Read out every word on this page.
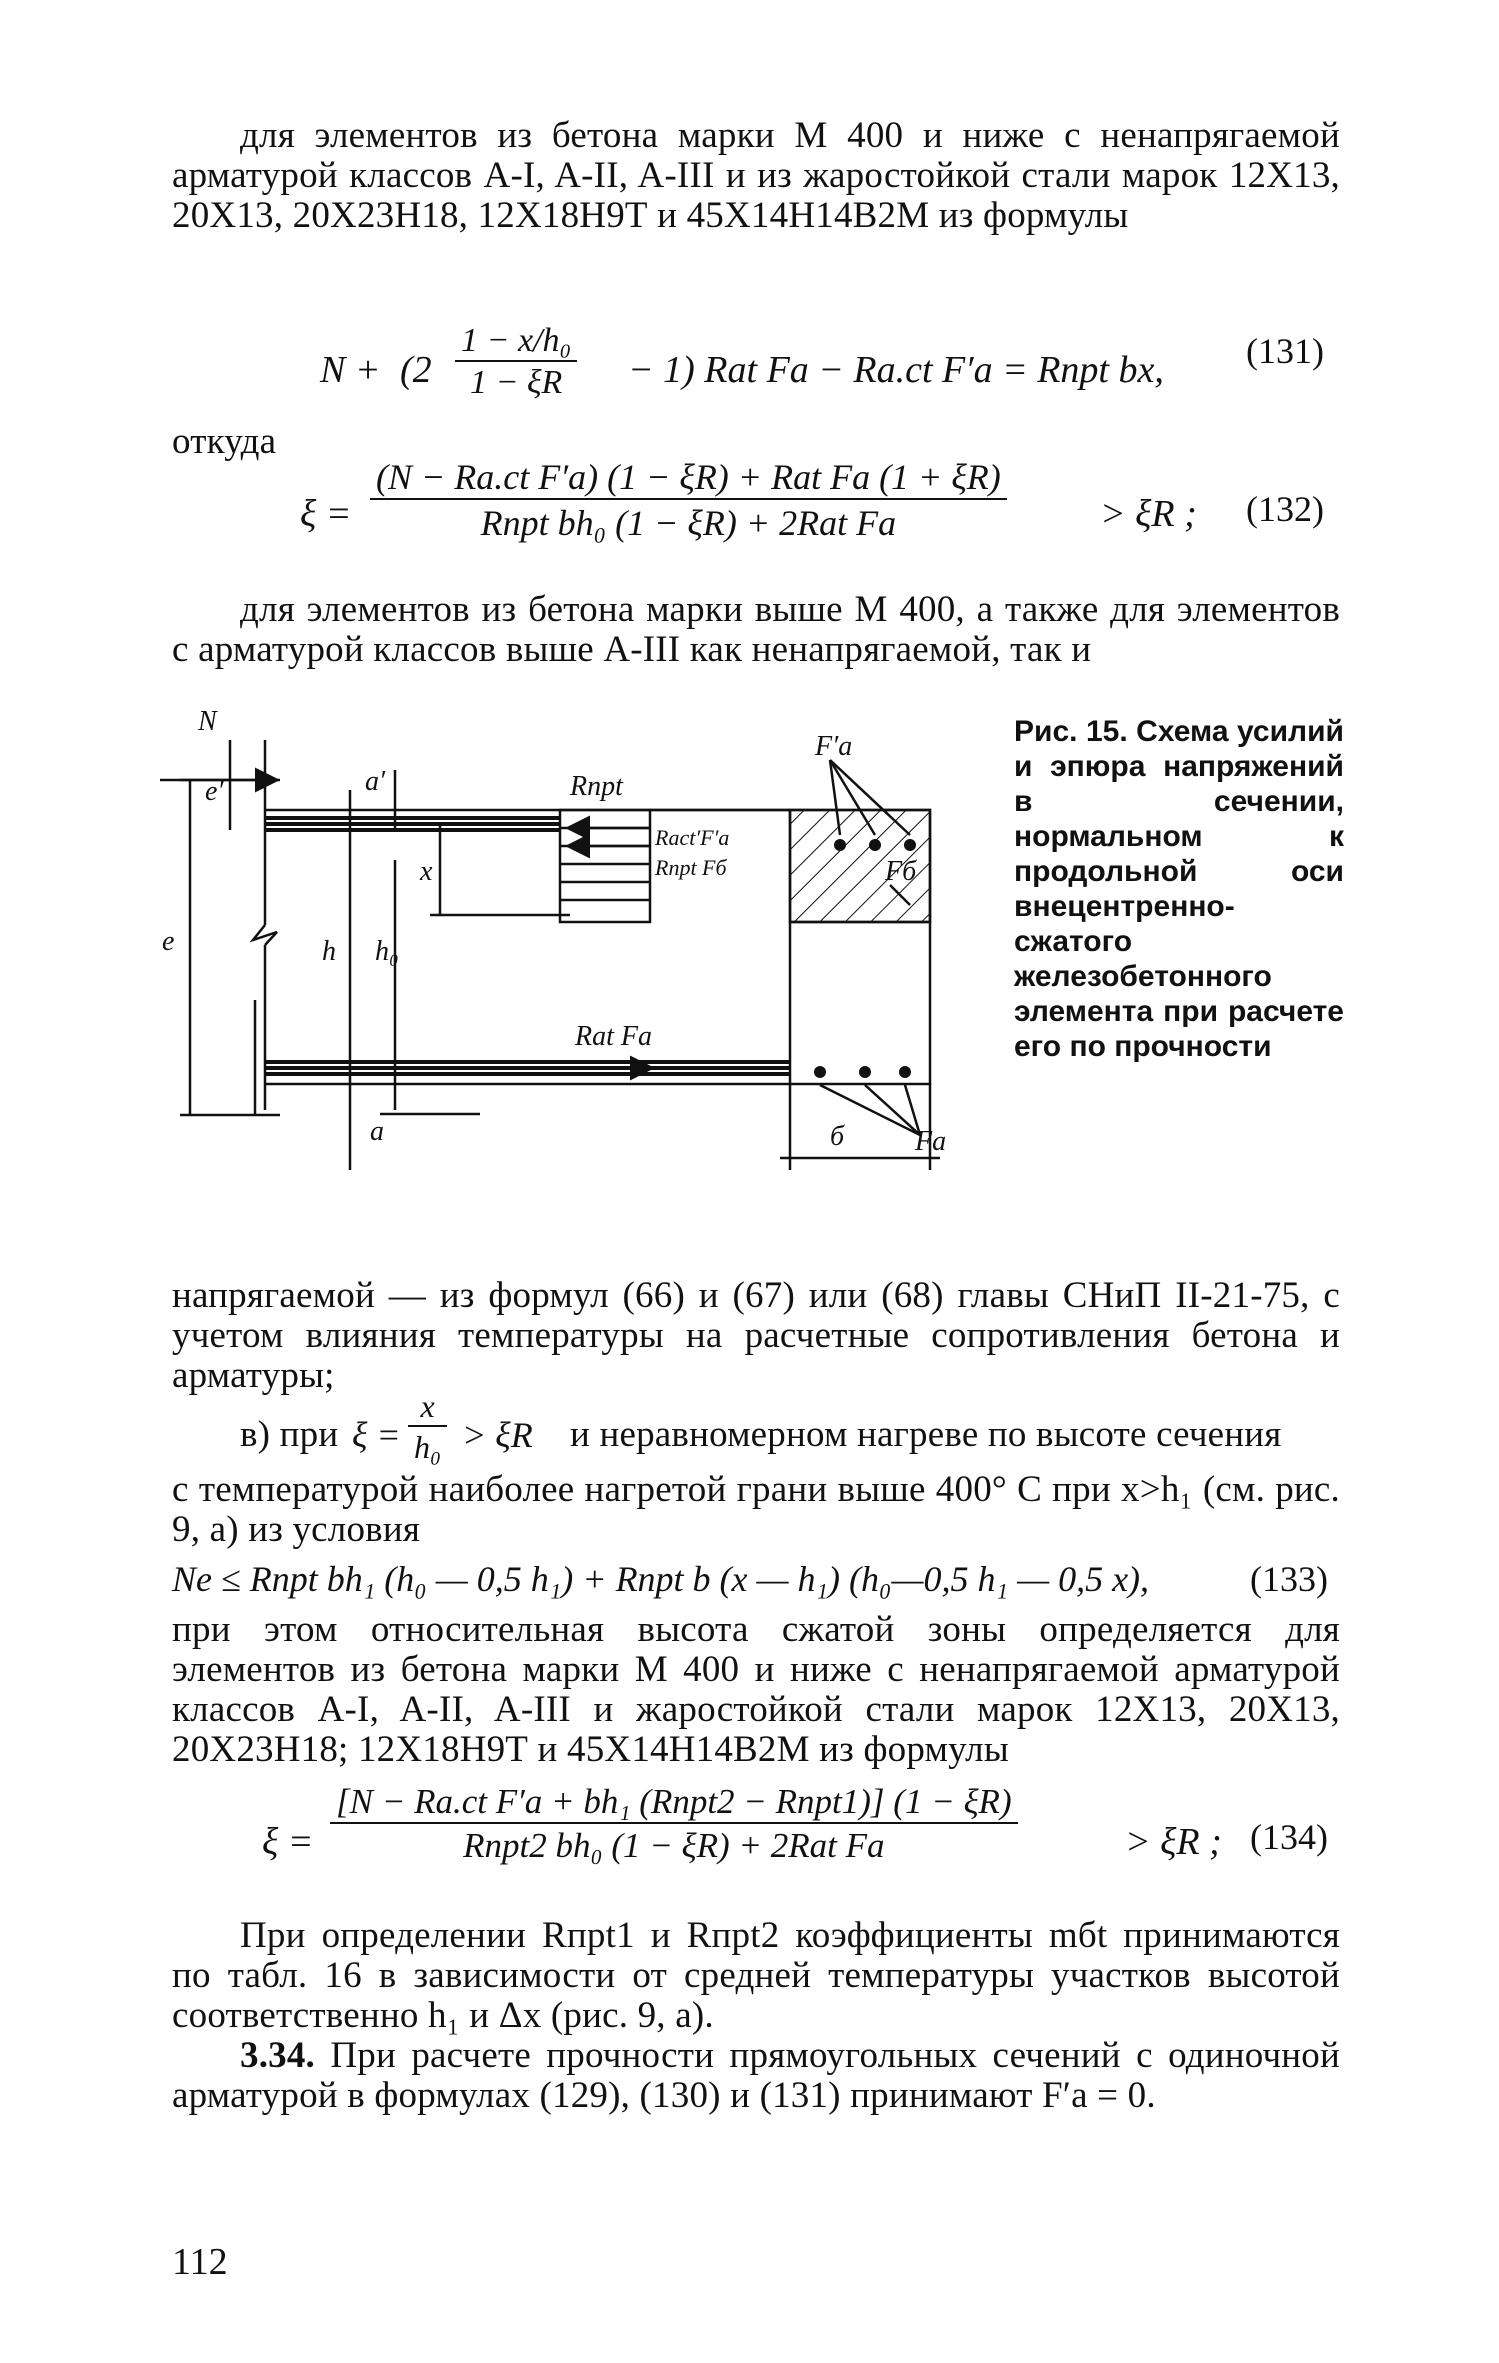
для элементов из бетона марки М 400 и ниже с ненапрягаемой арматурой классов A-I, A-II, A-III и из жаростойкой стали марок 12Х13, 20Х13, 20Х23Н18, 12Х18Н9Т и 45Х14Н14В2М из формулы
$N + (2 \frac{\text{1 − x/h₀}}{1 - \xi R} - 1)$ Rat Fа − Rа.ct F′а = Rпрt bx, (131)
откуда
ξ =
(N − Rа.ct F′а) (1 − ξR) + Rat Fа (1 + ξR)
Rпрt bh₀ (1 − ξR) + 2Rat Fа	> ξR ; (132)
для элементов из бетона марки выше М 400, а также для элементов с арматурой классов выше A-III как ненапрягаемой, так и
N
e′	a′
e	h h₀
x
a
Rпрt
Rаct′F′а
Rпрt Fб
Rat Fа
F′а
Fб
б	Fа
Рис. 15. Схема усилий и эпюра напряжений в сечении, нормальном к продольной оси внецентренно-сжатого железобетонного элемента при расчете его по прочности
напрягаемой — из формул (66) и (67) или (68) главы СНиП II-21-75, с учетом влияния температуры на расчетные сопротивления бетона и арматуры;
в) при $\xi = \frac{x}{\text{h₀}} > \xi R$ и неравномерном нагреве по высоте сечения
с температурой наиболее нагретой грани выше 400° С при x>h₁ (см. рис. 9, а) из условия
Ne ≤ Rпрt bh₁ (h₀ — 0,5 h₁) + Rпрt b (x — h₁) (h₀—0,5 h₁ — 0,5 x),	(133)
при этом относительная высота сжатой зоны определяется для элементов из бетона марки М 400 и ниже с ненапрягаемой арматурой классов A-I, A-II, A-III и жаростойкой стали марок 12Х13, 20Х13, 20Х23Н18; 12Х18Н9Т и 45Х14Н14В2М из формулы
ξ =
[N − Rа.ct F′а + bh₁ (Rпрt2 − Rпрt1)] (1 − ξR)
Rпрt2 bh₀ (1 − ξR) + 2Rat Fа	> ξR ; (134)
При определении Rпрt1 и Rпрt2 коэффициенты mбt принимаются по табл. 16 в зависимости от средней температуры участков высотой соответственно h₁ и Δx (рис. 9, а).
3.34. При расчете прочности прямоугольных сечений с одиночной арматурой в формулах (129), (130) и (131) принимают F′а = 0.
112
